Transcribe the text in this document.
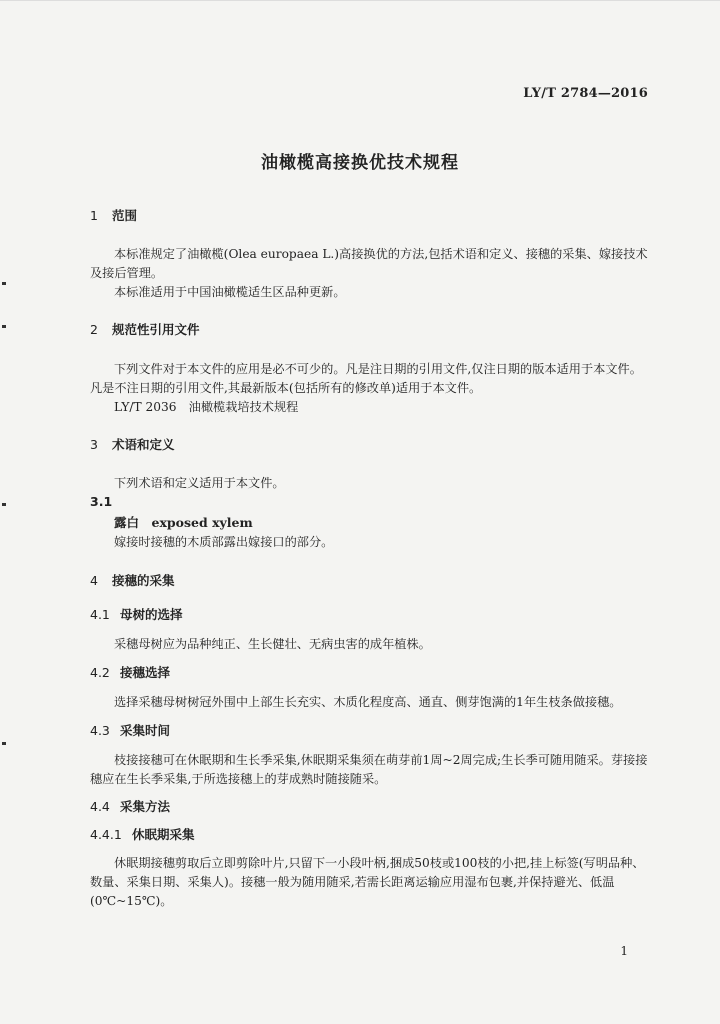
LY/T 2784—2016
油橄榄高接换优技术规程
1 范围
本标准规定了油橄榄(Olea europaea L.)高接换优的方法,包括术语和定义、接穗的采集、嫁接技术及接后管理。
本标准适用于中国油橄榄适生区品种更新。
2 规范性引用文件
下列文件对于本文件的应用是必不可少的。凡是注日期的引用文件,仅注日期的版本适用于本文件。凡是不注日期的引用文件,其最新版本(包括所有的修改单)适用于本文件。
LY/T 2036　油橄榄栽培技术规程
3 术语和定义
下列术语和定义适用于本文件。
3.1
露白　exposed xylem
嫁接时接穗的木质部露出嫁接口的部分。
4 接穗的采集
4.1 母树的选择
采穗母树应为品种纯正、生长健壮、无病虫害的成年植株。
4.2 接穗选择
选择采穗母树树冠外围中上部生长充实、木质化程度高、通直、侧芽饱满的1年生枝条做接穗。
4.3 采集时间
枝接接穗可在休眠期和生长季采集,休眠期采集须在萌芽前1周~2周完成;生长季可随用随采。芽接接穗应在生长季采集,于所选接穗上的芽成熟时随接随采。
4.4 采集方法
4.4.1 休眠期采集
休眠期接穗剪取后立即剪除叶片,只留下一小段叶柄,捆成50枝或100枝的小把,挂上标签(写明品种、数量、采集日期、采集人)。接穗一般为随用随采,若需长距离运输应用湿布包裹,并保持避光、低温(0℃~15℃)。
1
